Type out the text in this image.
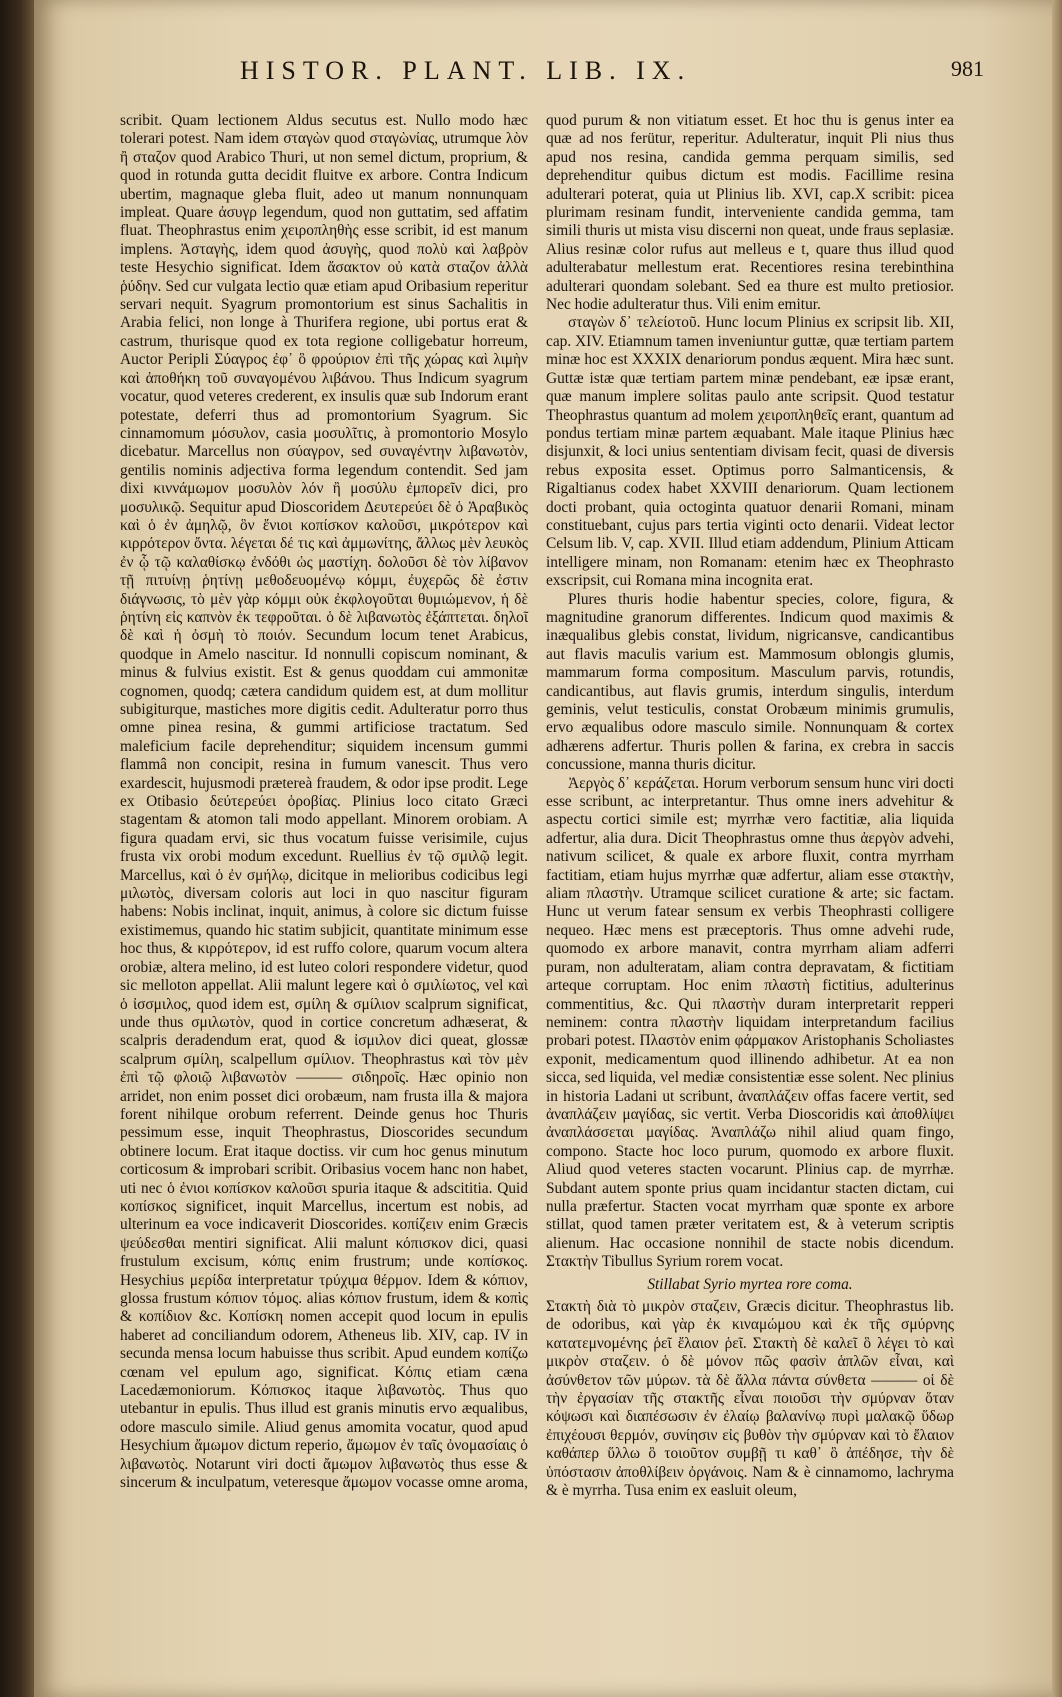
HISTOR. PLANT. LIB. IX.	981

scribit. Quam lectionem Aldus secutus est. Nullo modo hæc tolerari potest. Nam idem σταγὼν quod σταγὼνίας, utrumque λὸν ἢ σταζον quod Arabico Thuri, ut non semel dictum, proprium, & quod in rotunda gutta decidit fluitve ex arbore. Contra Indicum ubertim, magnaque gleba fluit, adeo ut manum nonnunquam impleat. Quare ἀσυγρ legendum, quod non guttatim, sed affatim fluat. Theophrastus enim χειροπληθὴς esse scribit, id est manum implens. Ἀσταγὴς, idem quod ἀσυγὴς, quod πολὺ καὶ λαβρὸν teste Hesychio significat. Idem ἄσακτον οὐ κατὰ σταζον ἀλλὰ ῥύδην. Sed cur vulgata lectio quæ etiam apud Oribasium reperitur servari nequit. Syagrum promontorium est sinus Sachalitis in Arabia felici, non longe à Thurifera regione, ubi portus erat & castrum, thurisque quod ex tota regione colligebatur horreum, Auctor Peripli Σύαγρος ἐφ᾽ ὃ φρούριον ἐπὶ τῆς χώρας καὶ λιμὴν καὶ ἀποθήκη τοῦ συναγομένου λιβάνου. Thus Indicum syagrum vocatur, quod veteres crederent, ex insulis quæ sub Indorum erant potestate, deferri thus ad promontorium Syagrum. Sic cinnamomum μόσυλον, casia μοσυλῖτις, à promontorio Mosylo dicebatur. Marcellus non σύαγρον, sed συναγέντην λιβανωτὸν, gentilis nominis adjectiva forma legendum contendit. Sed jam dixi κιννάμωμον μοσυλὸν λόν ἢ μοσύλυ ἐμπορεῖν dici, pro μοσυλικῷ. Sequitur apud Dioscoridem Δευτερεύει δὲ ὁ Ἀραβικὸς καὶ ὁ ἐν ἀμηλῷ, ὃν ἔνιοι κοπίσκον καλοῦσι, μικρότερον καὶ κιρρότερον ὄντα. λέγεται δέ τις καὶ ἀμμωνίτης, ἄλλως μὲν λευκὸς ἐν ᾧ τῷ καλαθίσκῳ ἐνδόθι ὡς μαστίχη. δολοῦσι δὲ τὸν λίβανον τῇ πιτυίνῃ ῥητίνῃ μεθοδευομένῳ κόμμι, ἐυχερῶς δὲ ἐστιν διάγνωσις, τὸ μὲν γὰρ κόμμι οὐκ ἐκφλογοῦται θυμιώμενον, ἡ δὲ ῥητίνη εἰς καπνὸν ἐκ τεφροῦται. ὁ δὲ λιβανωτὸς ἐξάπτεται. δηλοῖ δὲ καὶ ἡ ὀσμὴ τὸ ποιόν. Secundum locum tenet Arabicus, quodque in Amelo nascitur. Id nonnulli copiscum nominant, & minus & fulvius existit. Est & genus quoddam cui ammonitæ cognomen, quodq; cætera candidum quidem est, at dum mollitur subigiturque, mastiches more digitis cedit. Adulteratur porro thus omne pinea resina, & gummi artificiose tractatum. Sed maleficium facile deprehenditur; siquidem incensum gummi flammâ non concipit, resina in fumum vanescit. Thus vero exardescit, hujusmodi prætereà fraudem, & odor ipse prodit. Lege ex Otibasio δεύτερεύει ὁροβίας. Plinius loco citato Græci stagentam & atomon tali modo appellant. Minorem orobiam. A figura quadam ervi, sic thus vocatum fuisse verisimile, cujus frusta vix orobi modum excedunt. Ruellius ἐν τῷ σμιλῷ legit. Marcellus, καὶ ὁ ἐν σμήλῳ, dicitque in melioribus codicibus legi μιλωτὸς, diversam coloris aut loci in quo nascitur figuram habens: Nobis inclinat, inquit, animus, à colore sic dictum fuisse existimemus, quando hic statim subjicit, quantitate minimum esse hoc thus, & κιρρότερον, id est ruffo colore, quarum vocum altera orobiæ, altera melino, id est luteo colori respondere videtur, quod sic melloton appellat. Alii malunt legere καὶ ὁ σμιλίωτος, vel καὶ ὁ ἰσσμιλος, quod idem est, σμίλη & σμίλιον scalprum significat, unde thus σμιλωτὸν, quod in cortice concretum adhæserat, & scalpris deradendum erat, quod & ἰσμιλον dici queat, glossæ scalprum σμίλη, scalpellum σμίλιον. Theophrastus καὶ τὸν μὲν ἐπὶ τῷ φλοιῷ λιβανωτὸν ——— σιδηροῖς. Hæc opinio non arridet, non enim posset dici orobæum, nam frusta illa & majora forent nihilque orobum referrent. Deinde genus hoc Thuris pessimum esse, inquit Theophrastus, Dioscorides secundum obtinere locum. Erat itaque doctiss. vir cum hoc genus minutum corticosum & improbari scribit. Oribasius vocem hanc non habet, uti nec ὁ ἐνιοι κοπίσκον καλοῦσι spuria itaque & adscititia. Quid κοπίσκος significet, inquit Marcellus, incertum est nobis, ad ulterinum ea voce indicaverit Dioscorides. κοπίζειν enim Græcis ψεύδεσθαι mentiri significat. Alii malunt κόπισκον dici, quasi frustulum excisum, κόπις enim frustrum; unde κοπίσκος. Hesychius μερίδα interpretatur τρύχιμα θέρμον. Idem & κόπιον, glossa frustum κόπιον τόμος. alias κόπιον frustum, idem & κοπὶς & κοπίδιον &c. Κοπίσκη nomen accepit quod locum in epulis haberet ad conciliandum odorem, Atheneus lib. XIV, cap. IV in secunda mensa locum habuisse thus scribit. Apud eundem κοπίζω cœnam vel epulum ago, significat. Κόπις etiam cæna Lacedæmoniorum. Κόπισκος itaque λιβανωτὸς. Thus quo utebantur in epulis. Thus illud est granis minutis ervo æqualibus, odore masculo simile. Aliud genus amomita vocatur, quod apud Hesychium ἄμωμον dictum reperio, ἄμωμον ἐν ταῖς ὀνομασίαις ὁ λιβανωτὸς. Notarunt viri docti ἄμωμον λιβανωτὸς thus esse & sincerum & inculpatum, veteresque ἄμωμον vocasse omne aroma,

quod purum & non vitiatum esset. Et hoc thu is genus inter ea quæ ad nos ferütur, reperitur. Adulteratur, inquit Pli nius thus apud nos resina, candida gemma perquam similis, sed deprehenditur quibus dictum est modis. Facillime resina adulterari poterat, quia ut Plinius lib. XVI, cap.X scribit: picea plurimam resinam fundit, interveniente candida gemma, tam simili thuris ut mista visu discerni non queat, unde fraus seplasiæ. Alius resinæ color rufus aut melleus e t, quare thus illud quod adulterabatur mellestum erat. Recentiores resina terebinthina adulterari quondam solebant. Sed ea thure est multo pretiosior. Nec hodie adulteratur thus. Vili enim emitur.

σταγὼν δ᾽ τελείοτοῦ. Hunc locum Plinius ex scripsit lib. XII, cap. XIV. Etiamnum tamen inveniuntur guttæ, quæ tertiam partem minæ hoc est XXXIX denariorum pondus æquent. Mira hæc sunt. Guttæ istæ quæ tertiam partem minæ pendebant, eæ ipsæ erant, quæ manum implere solitas paulo ante scripsit. Quod testatur Theophrastus quantum ad molem χειροπληθεῖς erant, quantum ad pondus tertiam minæ partem æquabant. Male itaque Plinius hæc disjunxit, & loci unius sententiam divisam fecit, quasi de diversis rebus exposita esset. Optimus porro Salmanticensis, & Rigaltianus codex habet XXVIII denariorum. Quam lectionem docti probant, quia octoginta quatuor denarii Romani, minam constituebant, cujus pars tertia viginti octo denarii. Videat lector Celsum lib. V, cap. XVII. Illud etiam addendum, Plinium Atticam intelligere minam, non Romanam: etenim hæc ex Theophrasto exscripsit, cui Romana mina incognita erat.

Plures thuris hodie habentur species, colore, figura, & magnitudine granorum differentes. Indicum quod maximis & inæqualibus glebis constat, lividum, nigricansve, candicantibus aut flavis maculis varium est. Mammosum oblongis glumis, mammarum forma compositum. Masculum parvis, rotundis, candicantibus, aut flavis grumis, interdum singulis, interdum geminis, velut testiculis, constat Orobæum minimis grumulis, ervo æqualibus odore masculo simile. Nonnunquam & cortex adhærens adfertur. Thuris pollen & farina, ex crebra in saccis concussione, manna thuris dicitur.

Ἀεργὸς δ᾽ κεράζεται. Horum verborum sensum hunc viri docti esse scribunt, ac interpretantur. Thus omne iners advehitur & aspectu cortici simile est; myrrhæ vero factitiæ, alia liquida adfertur, alia dura. Dicit Theophrastus omne thus ἀεργὸν advehi, nativum scilicet, & quale ex arbore fluxit, contra myrrham factitiam, etiam hujus myrrhæ quæ adfertur, aliam esse στακτὴν, aliam πλαστὴν. Utramque scilicet curatione & arte; sic factam. Hunc ut verum fatear sensum ex verbis Theophrasti colligere nequeo. Hæc mens est præceptoris. Thus omne advehi rude, quomodo ex arbore manavit, contra myrrham aliam adferri puram, non adulteratam, aliam contra depravatam, & fictitiam arteque corruptam. Hoc enim πλαστὴ fictitius, adulterinus commentitius, &c. Qui πλαστὴν duram interpretarit repperi neminem: contra πλαστὴν liquidam interpretandum facilius probari potest. Πλαστὸν enim φάρμακον Aristophanis Scholiastes exponit, medicamentum quod illinendo adhibetur. At ea non sicca, sed liquida, vel mediæ consistentiæ esse solent. Nec plinius in historia Ladani ut scribunt, ἀναπλάζειν offas facere vertit, sed ἀναπλάζειν μαγίδας, sic vertit. Verba Dioscoridis καὶ ἀποθλίψει ἀναπλάσσεται μαγίδας. Ἀναπλάζω nihil aliud quam fingo, compono. Stacte hoc loco purum, quomodo ex arbore fluxit. Aliud quod veteres stacten vocarunt. Plinius cap. de myrrhæ. Subdant autem sponte prius quam incidantur stacten dictam, cui nulla præfertur. Stacten vocat myrrham quæ sponte ex arbore stillat, quod tamen præter veritatem est, & à veterum scriptis alienum. Hac occasione nonnihil de stacte nobis dicendum. Στακτὴν Tibullus Syrium rorem vocat.

Stillabat Syrio myrtea rore coma.

Στακτὴ διὰ τὸ μικρὸν σταζειν, Græcis dicitur. Theophrastus lib. de odoribus, καὶ γὰρ ἐκ κιναμώμου καὶ ἐκ τῆς σμύρνης κατατεμνομένης ῥεῖ ἔλαιον ῥεῖ. Στακτὴ δὲ καλεῖ ὃ λέγει τὸ καὶ μικρὸν σταζειν. ὁ δὲ μόνον πῶς φασὶν ἁπλῶν εἶναι, καὶ ἀσύνθετον τῶν μύρων. τὰ δὲ ἄλλα πάντα σύνθετα ——— οἱ δὲ τὴν ἐργασίαν τῆς στακτῆς εἶναι ποιοῦσι τὴν σμύρναν ὅταν κόψωσι καὶ διαπέσωσιν ἐν ἐλαίῳ βαλανίνῳ πυρὶ μαλακῷ ὕδωρ ἐπιχέουσι θερμόν, συνίησιν εἰς βυθὸν τὴν σμύρναν καὶ τὸ ἔλαιον καθάπερ ὕλλω ὃ τοιοῦτον συμβῇ τι καθ᾽ ὃ ἀπέδησε, τὴν δὲ ὑπόστασιν ἀποθλίβειν ὀργάνοις. Nam & è cinnamomo, lachryma & è myrrha. Tusa enim ex easluit oleum,
